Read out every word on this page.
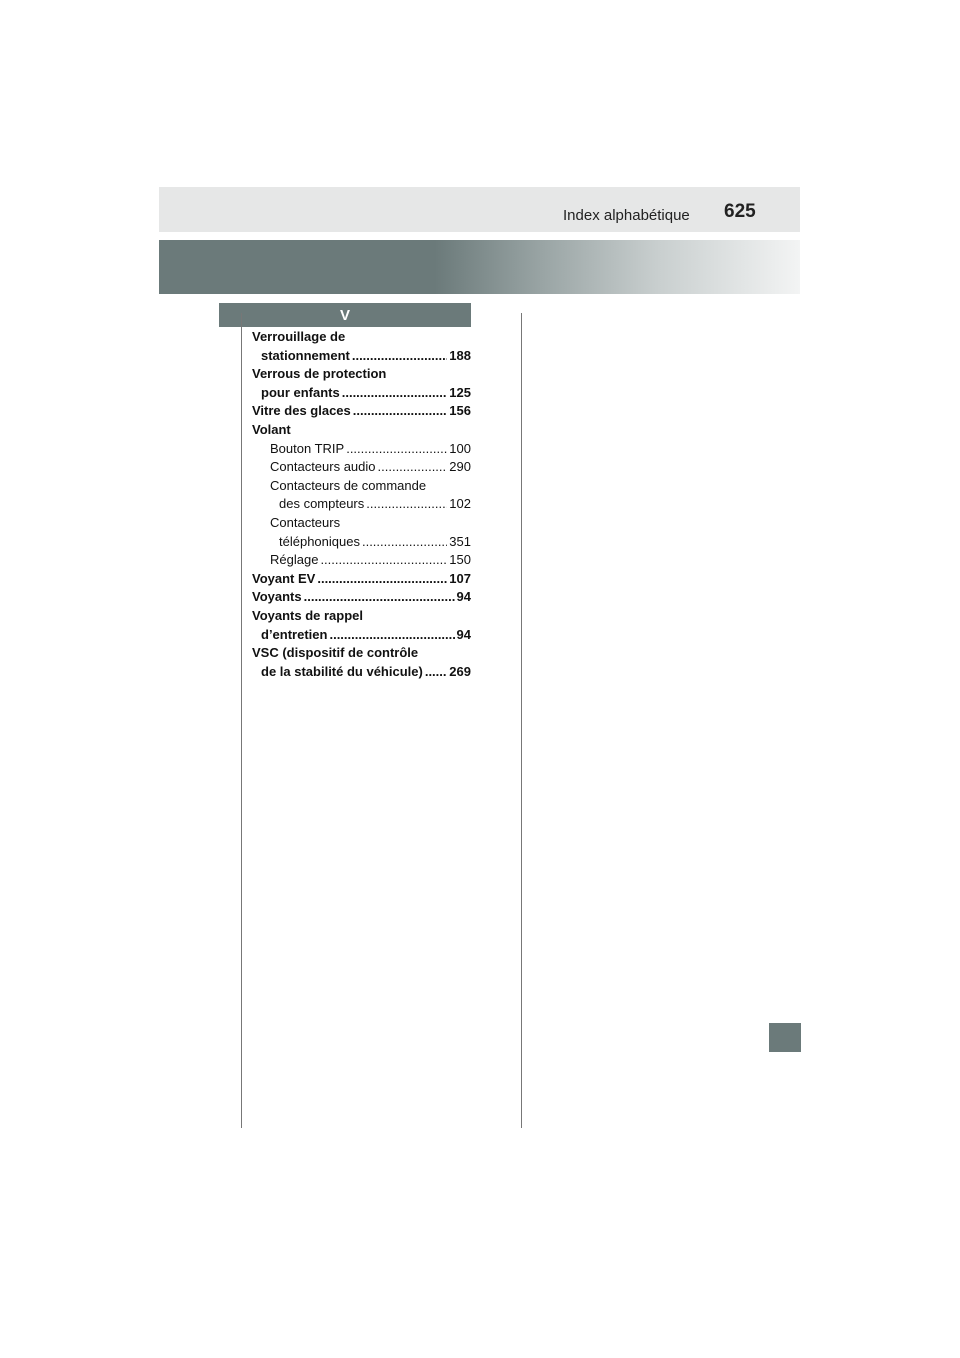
Index alphabétique 625
V
Verrouillage de
stationnement .....	188
Verrous de protection
pour enfants .....	125
Vitre des glaces .....	156
Volant
Bouton TRIP .....	100
Contacteurs audio .....	290
Contacteurs de commande
des compteurs .....	102
Contacteurs
téléphoniques .....	351
Réglage .....	150
Voyant EV .....	107
Voyants .....	94
Voyants de rappel
d’entretien .....	94
VSC (dispositif de contrôle
de la stabilité du véhicule) ..... 269
